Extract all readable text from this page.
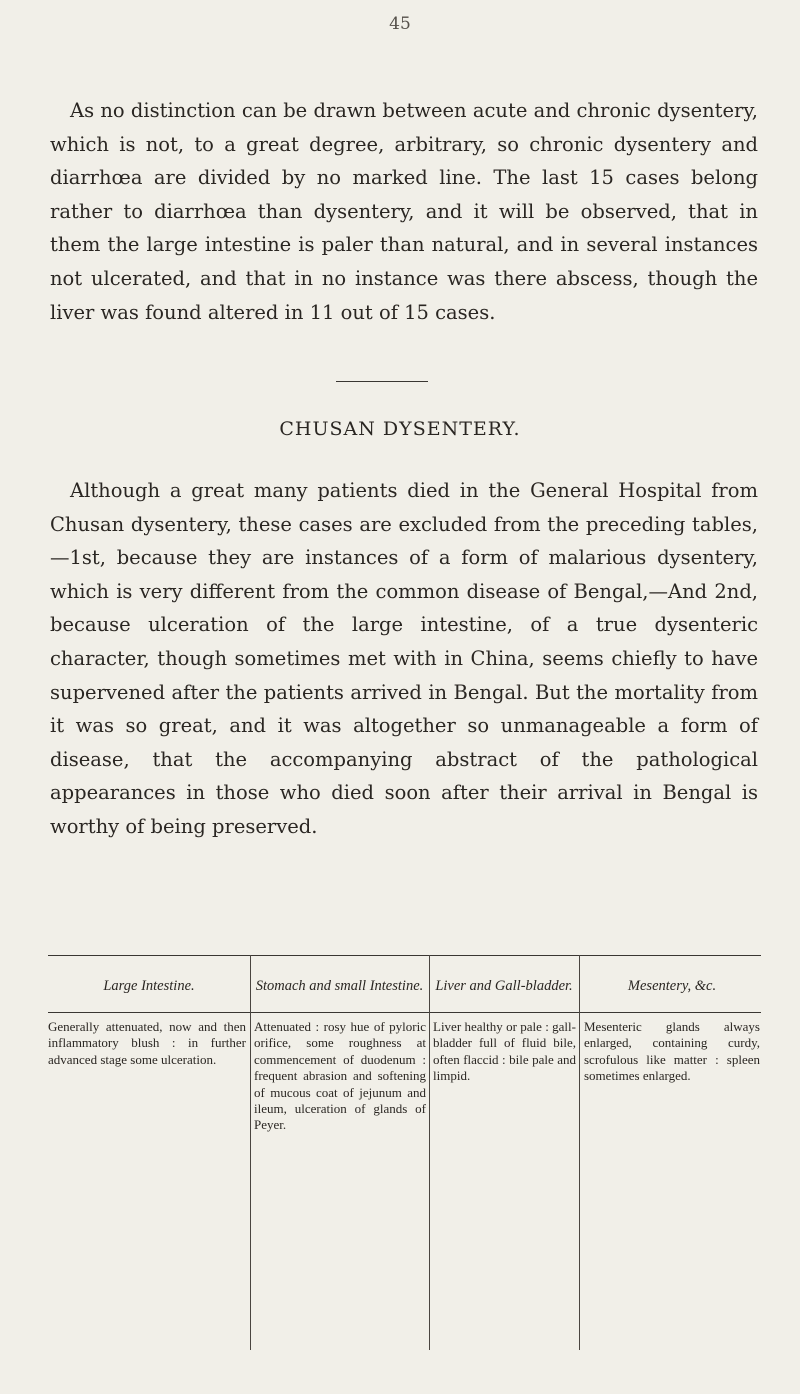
45

As no distinction can be drawn between acute and chronic dysentery, which is not, to a great degree, arbitrary, so chronic dysentery and diarrhœa are divided by no marked line. The last 15 cases belong rather to diarrhœa than dysentery, and it will be observed, that in them the large intestine is paler than natural, and in several instances not ulcerated, and that in no instance was there abscess, though the liver was found altered in 11 out of 15 cases.

CHUSAN DYSENTERY.

Although a great many patients died in the General Hospital from Chusan dysentery, these cases are excluded from the preceding tables,—1st, because they are instances of a form of malarious dysentery, which is very different from the common disease of Bengal,—And 2nd, because ulceration of the large intestine, of a true dysenteric character, though sometimes met with in China, seems chiefly to have supervened after the patients arrived in Bengal. But the mortality from it was so great, and it was altogether so unmanageable a form of disease, that the accompanying abstract of the pathological appearances in those who died soon after their arrival in Bengal is worthy of being preserved.

Large Intestine.	Stomach and small Intestine. Liver and Gall-bladder.	Mesentery, &c.

Generally attenuated, now and then inflammatory blush : in further advanced stage some ulceration.

Attenuated : rosy hue of pyloric orifice, some roughness at commencement of duodenum : frequent abrasion and softening of mucous coat of jejunum and ileum, ulceration of glands of Peyer.

Liver healthy or pale : gall-bladder full of fluid bile, often flaccid : bile pale and limpid.

Mesenteric glands always enlarged, containing curdy, scrofulous like matter : spleen sometimes enlarged.
